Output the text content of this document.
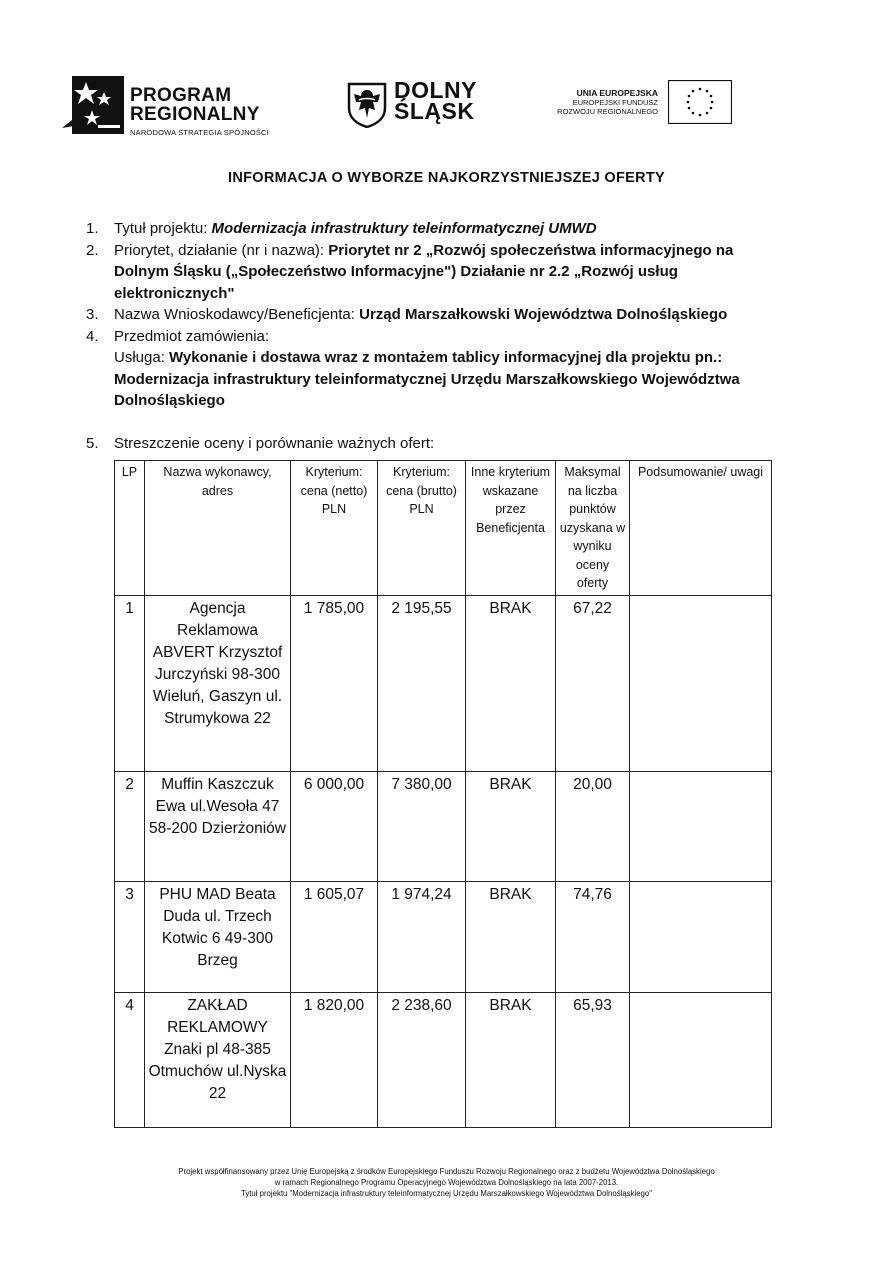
PROGRAM
REGIONALNY
NARODOWA STRATEGIA SPÓJNOŚCI
DOLNY
ŚLĄSK
UNIA EUROPEJSKA
EUROPEJSKI FUNDUSZ
ROZWOJU REGIONALNEGO
INFORMACJA O WYBORZE NAJKORZYSTNIEJSZEJ OFERTY
1. Tytuł projektu: Modernizacja infrastruktury teleinformatycznej UMWD
2. Priorytet, działanie (nr i nazwa): Priorytet nr 2 „Rozwój społeczeństwa informacyjnego na Dolnym Śląsku („Społeczeństwo Informacyjne") Działanie nr 2.2 „Rozwój usług elektronicznych"
3. Nazwa Wnioskodawcy/Beneficjenta: Urząd Marszałkowski Województwa Dolnośląskiego
4. Przedmiot zamówienia:
Usługa: Wykonanie i dostawa wraz z montażem tablicy informacyjnej dla projektu pn.: Modernizacja infrastruktury teleinformatycznej Urzędu Marszałkowskiego Województwa Dolnośląskiego
5. Streszczenie oceny i porównanie ważnych ofert:
LP	Nazwa wykonawcy, adres	Kryterium: cena (netto) PLN	Kryterium: cena (brutto) PLN	Inne kryterium wskazane przez Beneficjenta	Maksymal na liczba punktów uzyskana w wyniku oceny oferty	Podsumowanie/ uwagi
1	Agencja Reklamowa ABVERT Krzysztof Jurczyński 98-300 Wieluń, Gaszyn ul. Strumykowa 22	1 785,00	2 195,55	BRAK	67,22	
2	Muffin Kaszczuk Ewa ul.Wesoła 47 58-200 Dzierżoniów	6 000,00	7 380,00	BRAK	20,00	
3	PHU MAD Beata Duda ul. Trzech Kotwic 6 49-300 Brzeg	1 605,07	1 974,24	BRAK	74,76	
4	ZAKŁAD REKLAMOWY Znaki pl 48-385 Otmuchów ul.Nyska 22	1 820,00	2 238,60	BRAK	65,93	
Projekt współfinansowany przez Unię Europejską z środków Europejskiego Funduszu Rozwoju Regionalnego oraz z budżetu Województwa Dolnośląskiego
w ramach Regionalnego Programu Operacyjnego Województwa Dolnośląskiego na lata 2007-2013.
Tytuł projektu "Modernizacja infrastruktury teleinformatycznej Urzędu Marszałkowskiego Województwa Dolnośląskiego"
